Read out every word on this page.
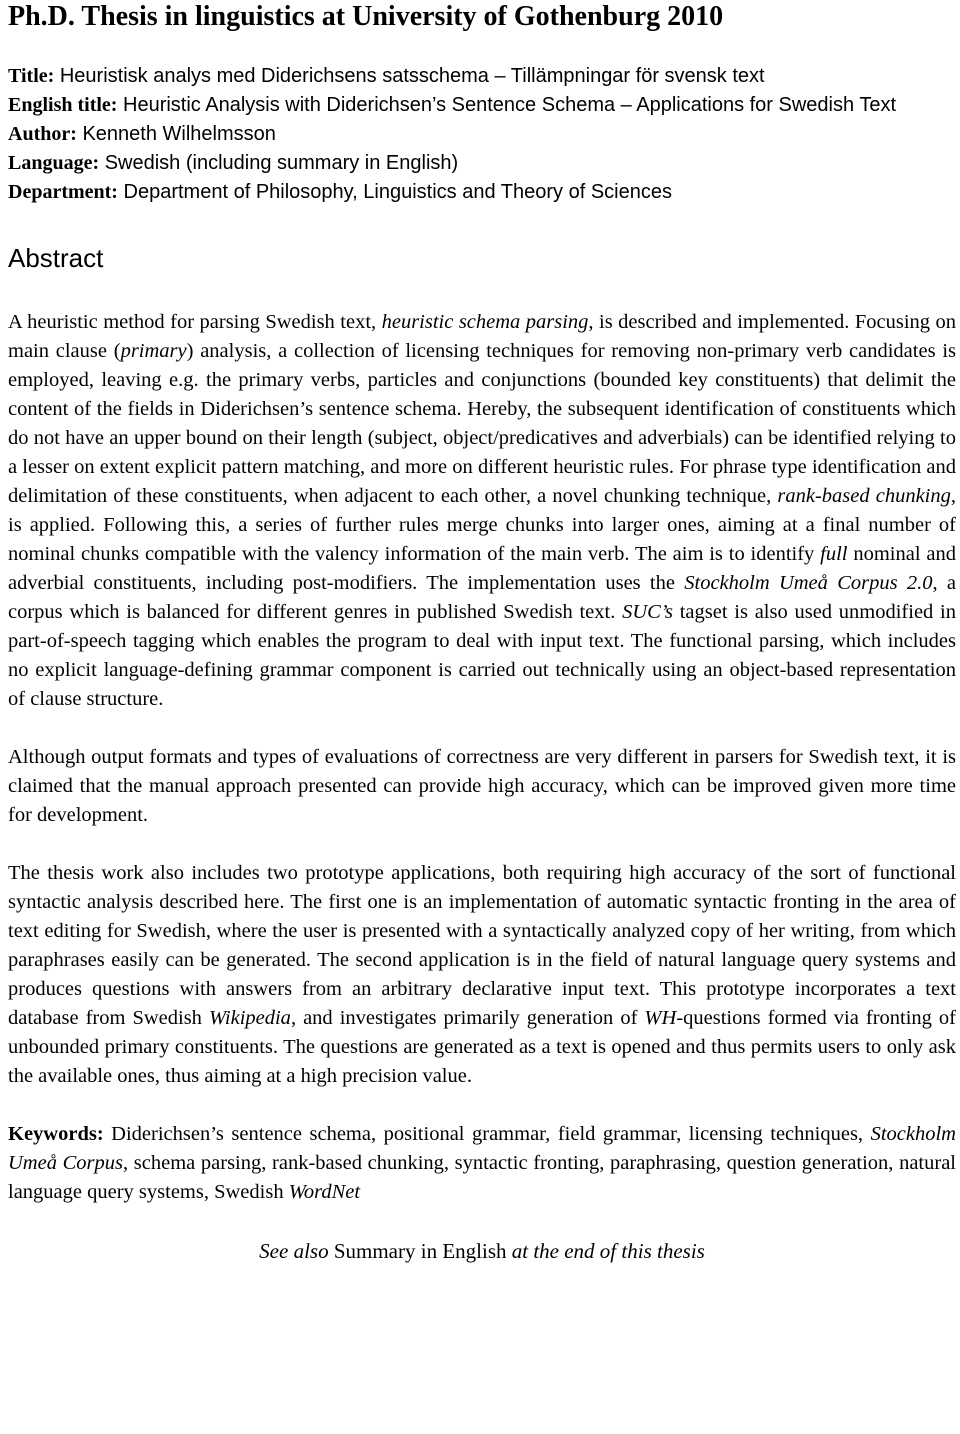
Ph.D. Thesis in linguistics at University of Gothenburg 2010

Title: Heuristisk analys med Diderichsens satsschema – Tillämpningar för svensk text

English title: Heuristic Analysis with Diderichsen’s Sentence Schema – Applications for Swedish Text

Author: Kenneth Wilhelmsson

Language: Swedish (including summary in English)

Department: Department of Philosophy, Linguistics and Theory of Sciences

Abstract

A heuristic method for parsing Swedish text, heuristic schema parsing, is described and implemented. Focusing on main clause (primary) analysis, a collection of licensing techniques for removing non-primary verb candidates is employed, leaving e.g. the primary verbs, particles and conjunctions (bounded key constituents) that delimit the content of the fields in Diderichsen’s sentence schema. Hereby, the subsequent identification of constituents which do not have an upper bound on their length (subject, object/predicatives and adverbials) can be identified relying to a lesser on extent explicit pattern matching, and more on different heuristic rules. For phrase type identification and delimitation of these constituents, when adjacent to each other, a novel chunking technique, rank-based chunking, is applied. Following this, a series of further rules merge chunks into larger ones, aiming at a final number of nominal chunks compatible with the valency information of the main verb. The aim is to identify full nominal and adverbial constituents, including post-modifiers. The implementation uses the Stockholm Umeå Corpus 2.0, a corpus which is balanced for different genres in published Swedish text. SUC’s tagset is also used unmodified in part-of-speech tagging which enables the program to deal with input text. The functional parsing, which includes no explicit language-defining grammar component is carried out technically using an object-based representation of clause structure.

Although output formats and types of evaluations of correctness are very different in parsers for Swedish text, it is claimed that the manual approach presented can provide high accuracy, which can be improved given more time for development.

The thesis work also includes two prototype applications, both requiring high accuracy of the sort of functional syntactic analysis described here. The first one is an implementation of automatic syntactic fronting in the area of text editing for Swedish, where the user is presented with a syntactically analyzed copy of her writing, from which paraphrases easily can be generated. The second application is in the field of natural language query systems and produces questions with answers from an arbitrary declarative input text. This prototype incorporates a text database from Swedish Wikipedia, and investigates primarily generation of WH-questions formed via fronting of unbounded primary constituents. The questions are generated as a text is opened and thus permits users to only ask the available ones, thus aiming at a high precision value.

Keywords: Diderichsen’s sentence schema, positional grammar, field grammar, licensing techniques, Stockholm Umeå Corpus, schema parsing, rank-based chunking, syntactic fronting, paraphrasing, question generation, natural language query systems, Swedish WordNet

See also Summary in English at the end of this thesis
